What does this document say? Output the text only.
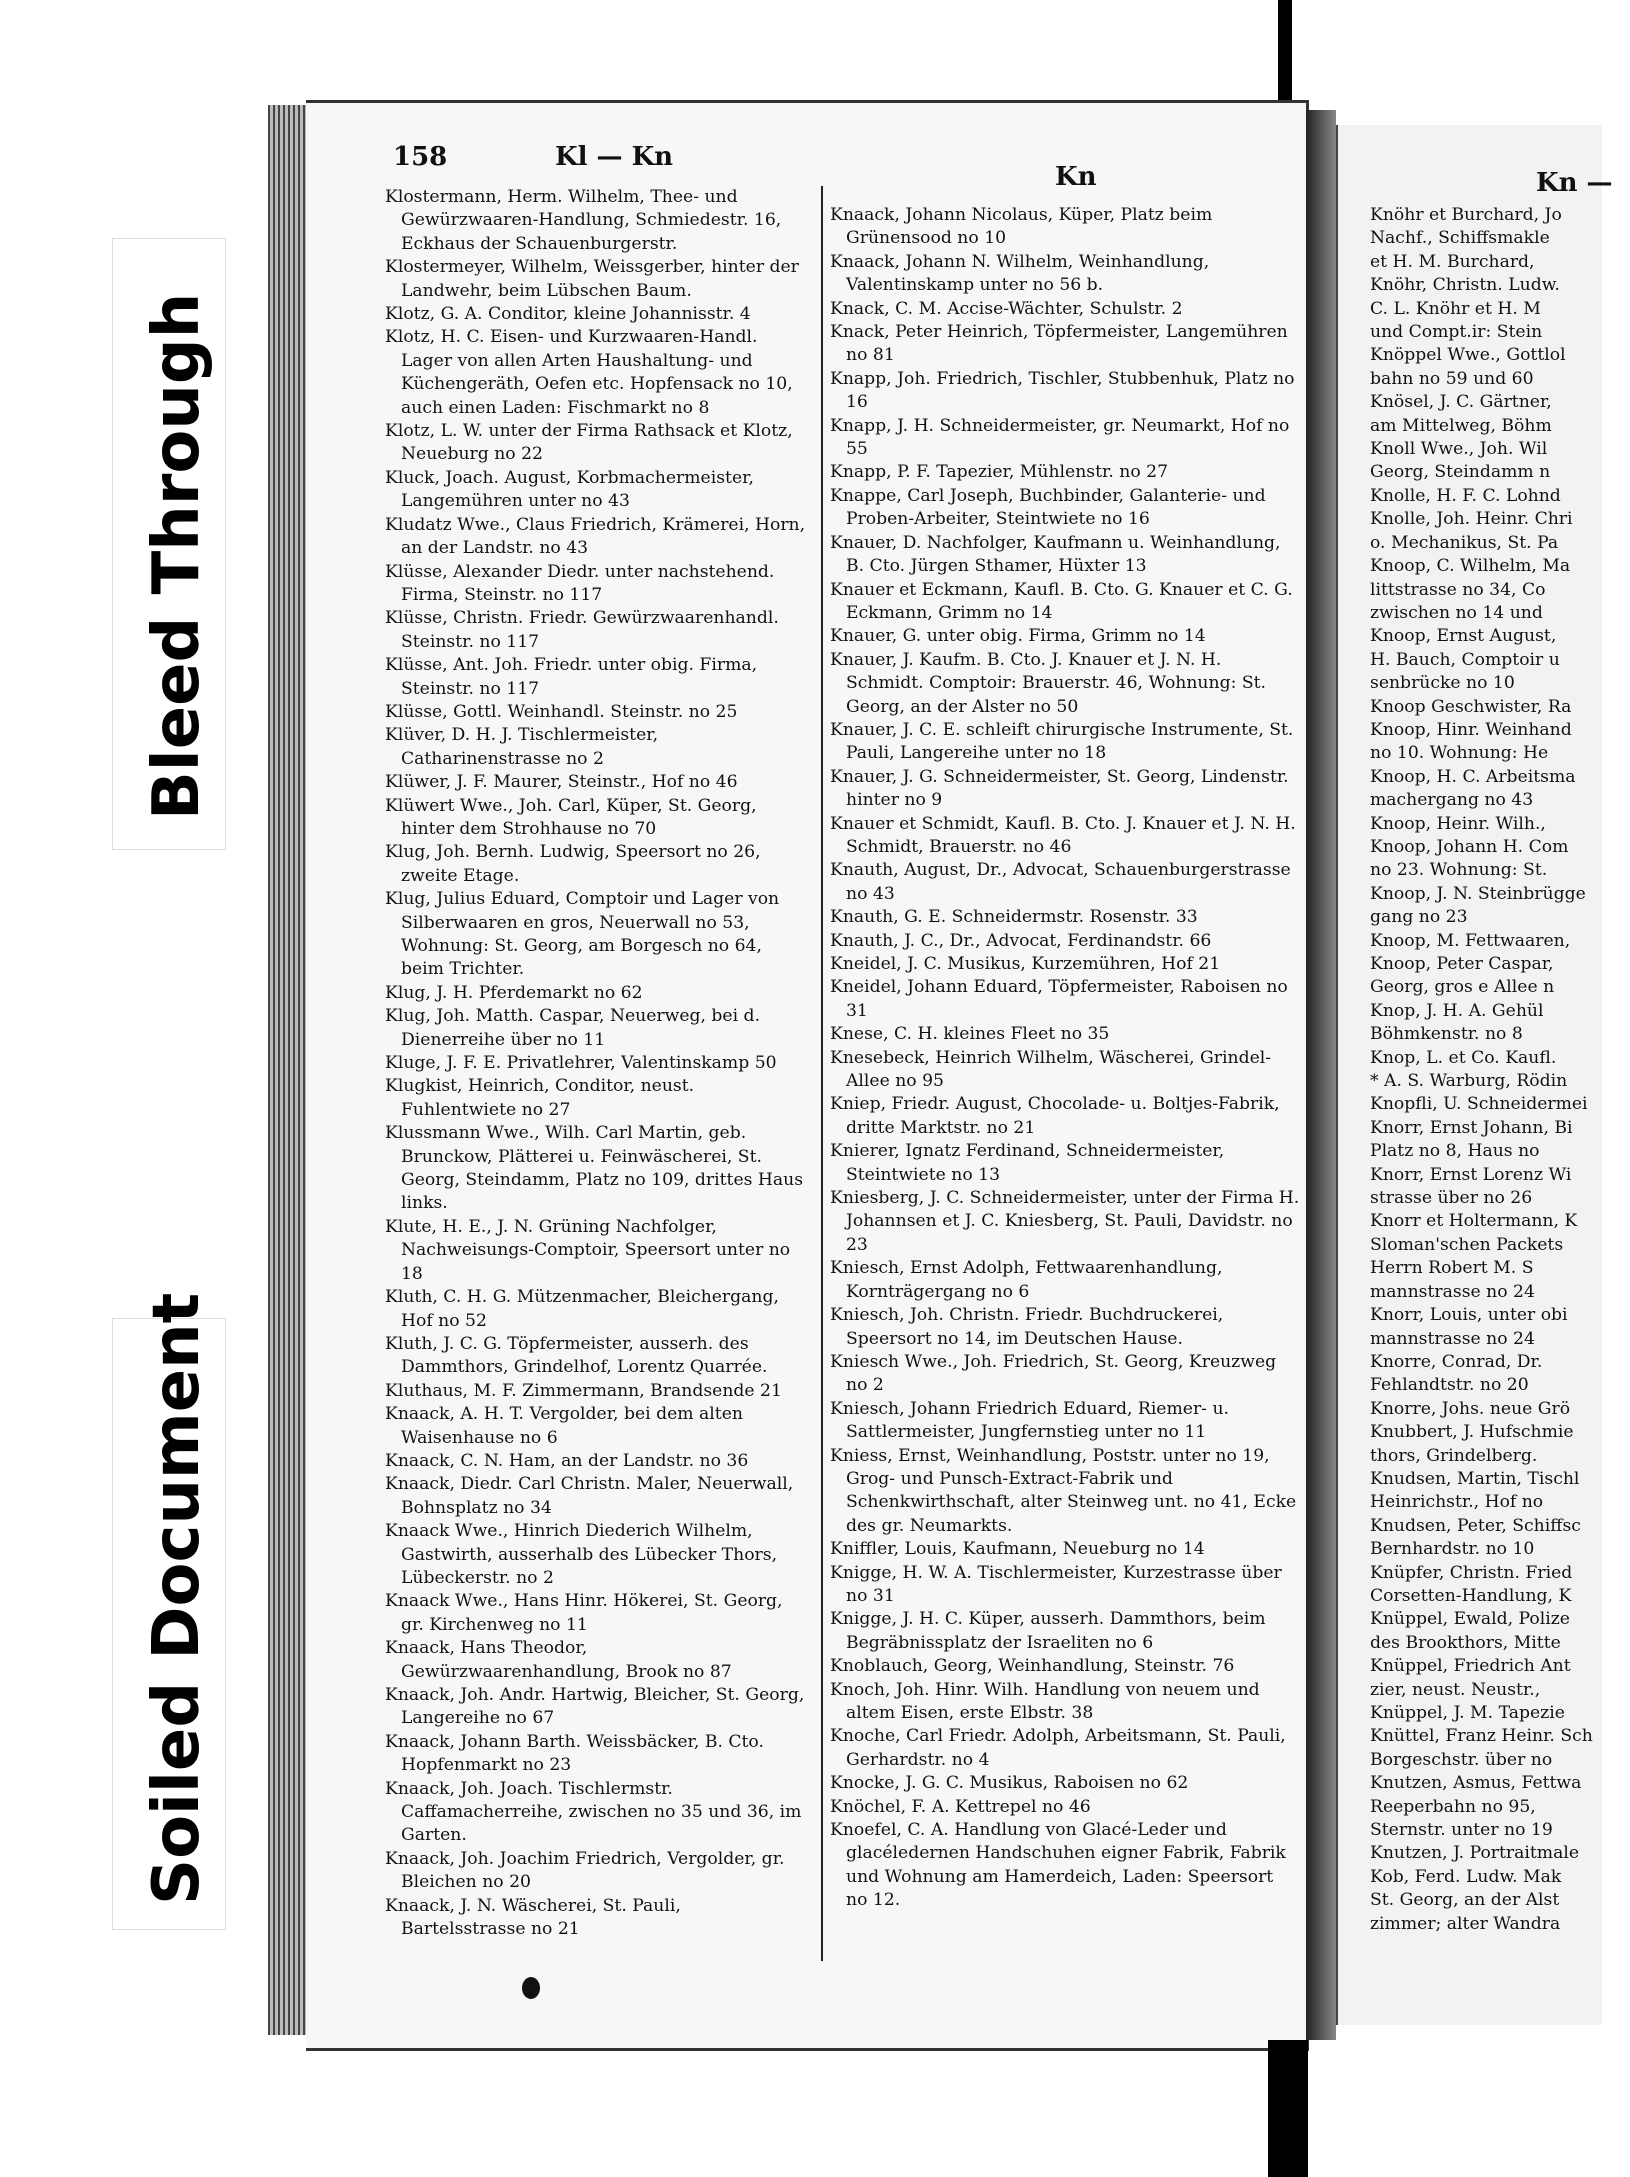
Bleed Through
Soiled Document
158	Kl — Kn
Kn	Kn —

Klostermann, Herm. Wilhelm, Thee- und Gewürzwaaren-Handlung, Schmiedestr. 16, Eckhaus der Schauenburgerstr.

Klostermeyer, Wilhelm, Weissgerber, hinter der Landwehr, beim Lübschen Baum.

Klotz, G. A. Conditor, kleine Johannisstr. 4

Klotz, H. C. Eisen- und Kurzwaaren-Handl. Lager von allen Arten Haushaltung- und Küchengeräth, Oefen etc. Hopfensack no 10, auch einen Laden: Fischmarkt no 8

Klotz, L. W. unter der Firma Rathsack et Klotz, Neueburg no 22

Kluck, Joach. August, Korbmachermeister, Langemühren unter no 43

Kludatz Wwe., Claus Friedrich, Krämerei, Horn, an der Landstr. no 43

Klüsse, Alexander Diedr. unter nachstehend. Firma, Steinstr. no 117

Klüsse, Christn. Friedr. Gewürzwaarenhandl. Steinstr. no 117

Klüsse, Ant. Joh. Friedr. unter obig. Firma, Steinstr. no 117

Klüsse, Gottl. Weinhandl. Steinstr. no 25

Klüver, D. H. J. Tischlermeister, Catharinenstrasse no 2

Klüwer, J. F. Maurer, Steinstr., Hof no 46

Klüwert Wwe., Joh. Carl, Küper, St. Georg, hinter dem Strohhause no 70

Klug, Joh. Bernh. Ludwig, Speersort no 26, zweite Etage.

Klug, Julius Eduard, Comptoir und Lager von Silberwaaren en gros, Neuerwall no 53, Wohnung: St. Georg, am Borgesch no 64, beim Trichter.

Klug, J. H. Pferdemarkt no 62

Klug, Joh. Matth. Caspar, Neuerweg, bei d. Dienerreihe über no 11

Kluge, J. F. E. Privatlehrer, Valentinskamp 50

Klugkist, Heinrich, Conditor, neust. Fuhlentwiete no 27

Klussmann Wwe., Wilh. Carl Martin, geb. Brunckow, Plätterei u. Feinwäscherei, St. Georg, Steindamm, Platz no 109, drittes Haus links.

Klute, H. E., J. N. Grüning Nachfolger, Nachweisungs-Comptoir, Speersort unter no 18

Kluth, C. H. G. Mützenmacher, Bleichergang, Hof no 52

Kluth, J. C. G. Töpfermeister, ausserh. des Dammthors, Grindelhof, Lorentz Quarrée.

Kluthaus, M. F. Zimmermann, Brandsende 21

Knaack, A. H. T. Vergolder, bei dem alten Waisenhause no 6

Knaack, C. N. Ham, an der Landstr. no 36

Knaack, Diedr. Carl Christn. Maler, Neuerwall, Bohnsplatz no 34

Knaack Wwe., Hinrich Diederich Wilhelm, Gastwirth, ausserhalb des Lübecker Thors, Lübeckerstr. no 2

Knaack Wwe., Hans Hinr. Hökerei, St. Georg, gr. Kirchenweg no 11

Knaack, Hans Theodor, Gewürzwaarenhandlung, Brook no 87

Knaack, Joh. Andr. Hartwig, Bleicher, St. Georg, Langereihe no 67

Knaack, Johann Barth. Weissbäcker, B. Cto. Hopfenmarkt no 23

Knaack, Joh. Joach. Tischlermstr. Caffamacherreihe, zwischen no 35 und 36, im Garten.

Knaack, Joh. Joachim Friedrich, Vergolder, gr. Bleichen no 20

Knaack, J. N. Wäscherei, St. Pauli, Bartelsstrasse no 21

Knaack, Johann Nicolaus, Küper, Platz beim Grünensood no 10

Knaack, Johann N. Wilhelm, Weinhandlung, Valentinskamp unter no 56 b.

Knack, C. M. Accise-Wächter, Schulstr. 2

Knack, Peter Heinrich, Töpfermeister, Langemühren no 81

Knapp, Joh. Friedrich, Tischler, Stubbenhuk, Platz no 16

Knapp, J. H. Schneidermeister, gr. Neumarkt, Hof no 55

Knapp, P. F. Tapezier, Mühlenstr. no 27

Knappe, Carl Joseph, Buchbinder, Galanterie- und Proben-Arbeiter, Steintwiete no 16

Knauer, D. Nachfolger, Kaufmann u. Weinhandlung, B. Cto. Jürgen Sthamer, Hüxter 13

Knauer et Eckmann, Kaufl. B. Cto. G. Knauer et C. G. Eckmann, Grimm no 14

Knauer, G. unter obig. Firma, Grimm no 14

Knauer, J. Kaufm. B. Cto. J. Knauer et J. N. H. Schmidt. Comptoir: Brauerstr. 46, Wohnung: St. Georg, an der Alster no 50

Knauer, J. C. E. schleift chirurgische Instrumente, St. Pauli, Langereihe unter no 18

Knauer, J. G. Schneidermeister, St. Georg, Lindenstr. hinter no 9

Knauer et Schmidt, Kaufl. B. Cto. J. Knauer et J. N. H. Schmidt, Brauerstr. no 46

Knauth, August, Dr., Advocat, Schauenburgerstrasse no 43

Knauth, G. E. Schneidermstr. Rosenstr. 33

Knauth, J. C., Dr., Advocat, Ferdinandstr. 66

Kneidel, J. C. Musikus, Kurzemühren, Hof 21

Kneidel, Johann Eduard, Töpfermeister, Raboisen no 31

Knese, C. H. kleines Fleet no 35

Knesebeck, Heinrich Wilhelm, Wäscherei, Grindel-Allee no 95

Kniep, Friedr. August, Chocolade- u. Boltjes-Fabrik, dritte Marktstr. no 21

Knierer, Ignatz Ferdinand, Schneidermeister, Steintwiete no 13

Kniesberg, J. C. Schneidermeister, unter der Firma H. Johannsen et J. C. Kniesberg, St. Pauli, Davidstr. no 23

Kniesch, Ernst Adolph, Fettwaarenhandlung, Kornträgergang no 6

Kniesch, Joh. Christn. Friedr. Buchdruckerei, Speersort no 14, im Deutschen Hause.

Kniesch Wwe., Joh. Friedrich, St. Georg, Kreuzweg no 2

Kniesch, Johann Friedrich Eduard, Riemer- u. Sattlermeister, Jungfernstieg unter no 11

Kniess, Ernst, Weinhandlung, Poststr. unter no 19, Grog- und Punsch-Extract-Fabrik und Schenkwirthschaft, alter Steinweg unt. no 41, Ecke des gr. Neumarkts.

Kniffler, Louis, Kaufmann, Neueburg no 14

Knigge, H. W. A. Tischlermeister, Kurzestrasse über no 31

Knigge, J. H. C. Küper, ausserh. Dammthors, beim Begräbnissplatz der Israeliten no 6

Knoblauch, Georg, Weinhandlung, Steinstr. 76

Knoch, Joh. Hinr. Wilh. Handlung von neuem und altem Eisen, erste Elbstr. 38

Knoche, Carl Friedr. Adolph, Arbeitsmann, St. Pauli, Gerhardstr. no 4

Knocke, J. G. C. Musikus, Raboisen no 62

Knöchel, F. A. Kettrepel no 46

Knoefel, C. A. Handlung von Glacé-Leder und glacéledernen Handschuhen eigner Fabrik, Fabrik und Wohnung am Hamerdeich, Laden: Speersort no 12.

Knöhr et Burchard, Jo

Nachf., Schiffsmakle

et H. M. Burchard,

Knöhr, Christn. Ludw.

C. L. Knöhr et H. M

und Compt.ir: Stein

Knöppel Wwe., Gottlol

bahn no 59 und 60

Knösel, J. C. Gärtner,

am Mittelweg, Böhm

Knoll Wwe., Joh. Wil

Georg, Steindamm n

Knolle, H. F. C. Lohnd

Knolle, Joh. Heinr. Chri

o. Mechanikus, St. Pa

Knoop, C. Wilhelm, Ma

littstrasse no 34, Co

zwischen no 14 und

Knoop, Ernst August,

H. Bauch, Comptoir u

senbrücke no 10

Knoop Geschwister, Ra

Knoop, Hinr. Weinhand

no 10. Wohnung: He

Knoop, H. C. Arbeitsma

machergang no 43

Knoop, Heinr. Wilh.,

Knoop, Johann H. Com

no 23. Wohnung: St.

Knoop, J. N. Steinbrügge

gang no 23

Knoop, M. Fettwaaren,

Knoop, Peter Caspar,

Georg, gros e Allee n

Knop, J. H. A. Gehül

Böhmkenstr. no 8

Knop, L. et Co. Kaufl.

* A. S. Warburg, Rödin

Knopfli, U. Schneidermei

Knorr, Ernst Johann, Bi

Platz no 8, Haus no

Knorr, Ernst Lorenz Wi

strasse über no 26

Knorr et Holtermann, K

Sloman'schen Packets

Herrn Robert M. S

mannstrasse no 24

Knorr, Louis, unter obi

mannstrasse no 24

Knorre, Conrad, Dr.

Fehlandtstr. no 20

Knorre, Johs. neue Grö

Knubbert, J. Hufschmie

thors, Grindelberg.

Knudsen, Martin, Tischl

Heinrichstr., Hof no

Knudsen, Peter, Schiffsc

Bernhardstr. no 10

Knüpfer, Christn. Fried

Corsetten-Handlung, K

Knüppel, Ewald, Polize

des Brookthors, Mitte

Knüppel, Friedrich Ant

zier, neust. Neustr.,

Knüppel, J. M. Tapezie

Knüttel, Franz Heinr. Sch

Borgeschstr. über no

Knutzen, Asmus, Fettwa

Reeperbahn no 95,

Sternstr. unter no 19

Knutzen, J. Portraitmale

Kob, Ferd. Ludw. Mak

St. Georg, an der Alst

zimmer; alter Wandra
